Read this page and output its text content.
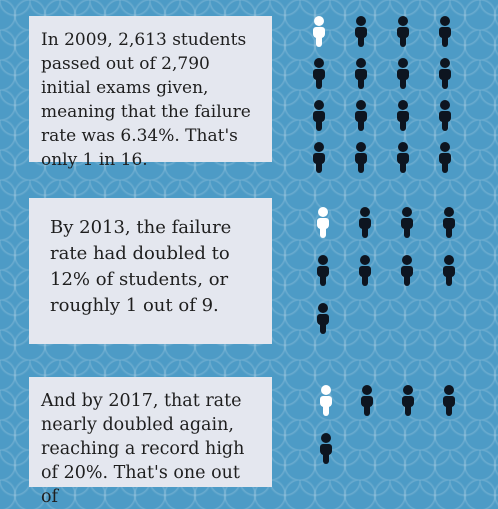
In 2009, 2,613 students passed out of 2,790 initial exams given, meaning that the failure rate was 6.34%. That's only 1 in 16.
By 2013, the failure rate had doubled to 12% of students, or roughly 1 out of 9.
And by 2017, that rate nearly doubled again, reaching a record high of 20%. That's one out of
